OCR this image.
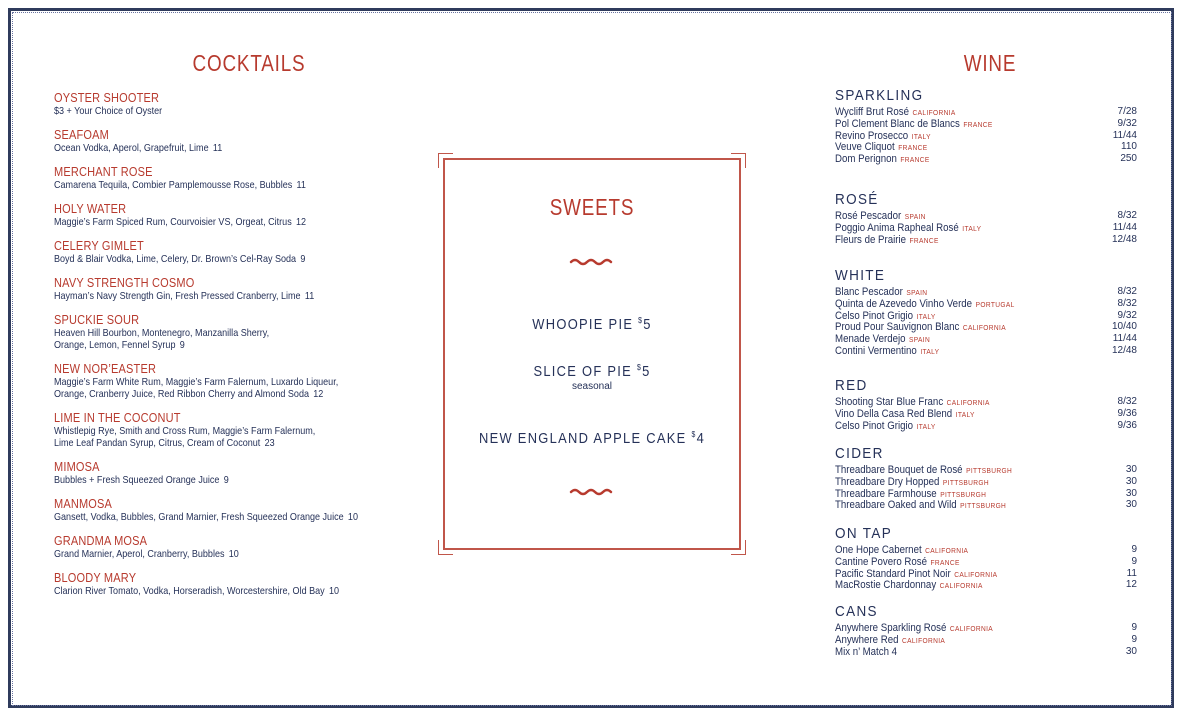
COCKTAILS
OYSTER SHOOTER
$3 + Your Choice of Oyster
SEAFOAM
Ocean Vodka, Aperol, Grapefruit, Lime 11
MERCHANT ROSE
Camarena Tequila, Combier Pamplemousse Rose, Bubbles 11
HOLY WATER
Maggie’s Farm Spiced Rum, Courvoisier VS, Orgeat, Citrus 12
CELERY GIMLET
Boyd & Blair Vodka, Lime, Celery, Dr. Brown’s Cel-Ray Soda 9
NAVY STRENGTH COSMO
Hayman’s Navy Strength Gin, Fresh Pressed Cranberry, Lime 11
SPUCKIE SOUR
Heaven Hill Bourbon, Montenegro, Manzanilla Sherry,
Orange, Lemon, Fennel Syrup 9
NEW NOR’EASTER
Maggie’s Farm White Rum, Maggie’s Farm Falernum, Luxardo Liqueur,
Orange, Cranberry Juice, Red Ribbon Cherry and Almond Soda 12
LIME IN THE COCONUT
Whistlepig Rye, Smith and Cross Rum, Maggie’s Farm Falernum,
Lime Leaf Pandan Syrup, Citrus, Cream of Coconut 23
MIMOSA
Bubbles + Fresh Squeezed Orange Juice 9
MANMOSA
Gansett, Vodka, Bubbles, Grand Marnier, Fresh Squeezed Orange Juice 10
GRANDMA MOSA
Grand Marnier, Aperol, Cranberry, Bubbles 10
BLOODY MARY
Clarion River Tomato, Vodka, Horseradish, Worcestershire, Old Bay 10
SWEETS
WHOOPIE PIE $5
SLICE OF PIE $5
seasonal
NEW ENGLAND APPLE CAKE $4
WINE
SPARKLING
Wycliff Brut Rosé CALIFORNIA	7/28
Pol Clement Blanc de Blancs FRANCE	9/32
Revino Prosecco ITALY	11/44
Veuve Cliquot FRANCE	110
Dom Perignon FRANCE	250
ROSÉ
Rosé Pescador SPAIN	8/32
Poggio Anima Rapheal Rosé ITALY	11/44
Fleurs de Prairie FRANCE	12/48
WHITE
Blanc Pescador SPAIN	8/32
Quinta de Azevedo Vinho Verde PORTUGAL	8/32
Celso Pinot Grigio ITALY	9/32
Proud Pour Sauvignon Blanc CALIFORNIA	10/40
Menade Verdejo SPAIN	11/44
Contini Vermentino ITALY	12/48
RED
Shooting Star Blue Franc CALIFORNIA	8/32
Vino Della Casa Red Blend ITALY	9/36
Celso Pinot Grigio ITALY	9/36
CIDER
Threadbare Bouquet de Rosé PITTSBURGH	30
Threadbare Dry Hopped PITTSBURGH	30
Threadbare Farmhouse PITTSBURGH	30
Threadbare Oaked and Wild PITTSBURGH	30
ON TAP
One Hope Cabernet CALIFORNIA	9
Cantine Povero Rosé FRANCE	9
Pacific Standard Pinot Noir CALIFORNIA	11
MacRostie Chardonnay CALIFORNIA	12
CANS
Anywhere Sparkling Rosé CALIFORNIA	9
Anywhere Red CALIFORNIA	9
Mix n’ Match 4	30
